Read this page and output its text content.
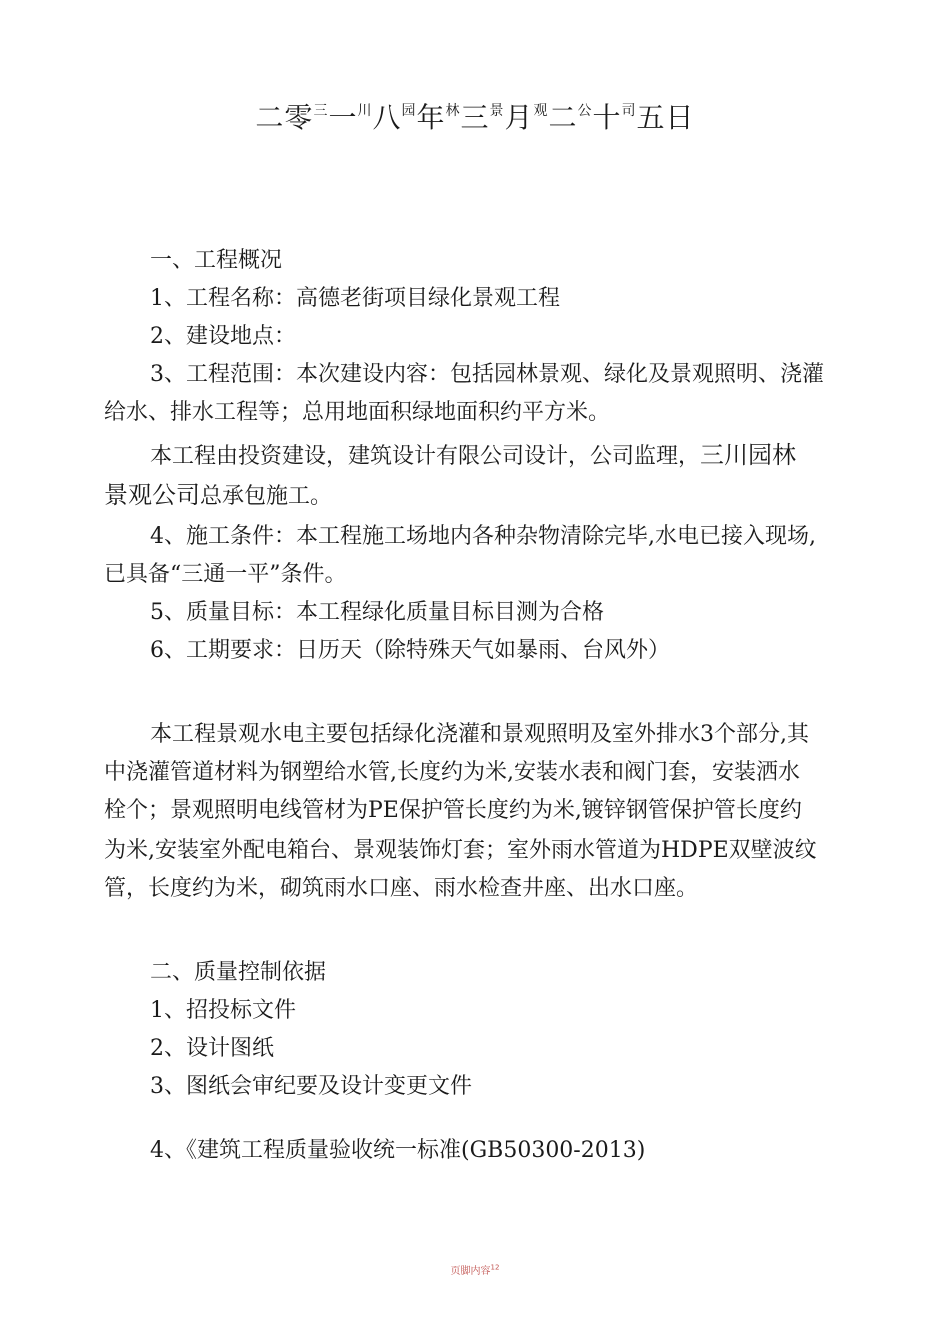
二零$^三$一$^川$八$^园$年$^林$三$^景$月$^观$二$^公$十$^司$五日
一、工程概况
1、工程名称：高德老街项目绿化景观工程
2、建设地点：
3、工程范围：本次建设内容：包括园林景观、绿化及景观照明、浇灌
给水、排水工程等；总用地面积绿地面积约平方米。
本工程由投资建设，建筑设计有限公司设计，公司监理，三川园林
景观公司总承包施工。
4、施工条件：本工程施工场地内各种杂物清除完毕,水电已接入现场,
已具备“三通一平”条件。
5、质量目标：本工程绿化质量目标目测为合格
6、工期要求：日历天（除特殊天气如暴雨、台风外）
本工程景观水电主要包括绿化浇灌和景观照明及室外排水3个部分,其
中浇灌管道材料为钢塑给水管,长度约为米,安装水表和阀门套，安装洒水
栓个；景观照明电线管材为PE保护管长度约为米,镀锌钢管保护管长度约
为米,安装室外配电箱台、景观装饰灯套；室外雨水管道为HDPE双壁波纹
管，长度约为米，砌筑雨水口座、雨水检查井座、出水口座。
二、质量控制依据
1、招投标文件
2、设计图纸
3、图纸会审纪要及设计变更文件
4、《建筑工程质量验收统一标准(GB50300-2013)
页脚内容$^{12}$
